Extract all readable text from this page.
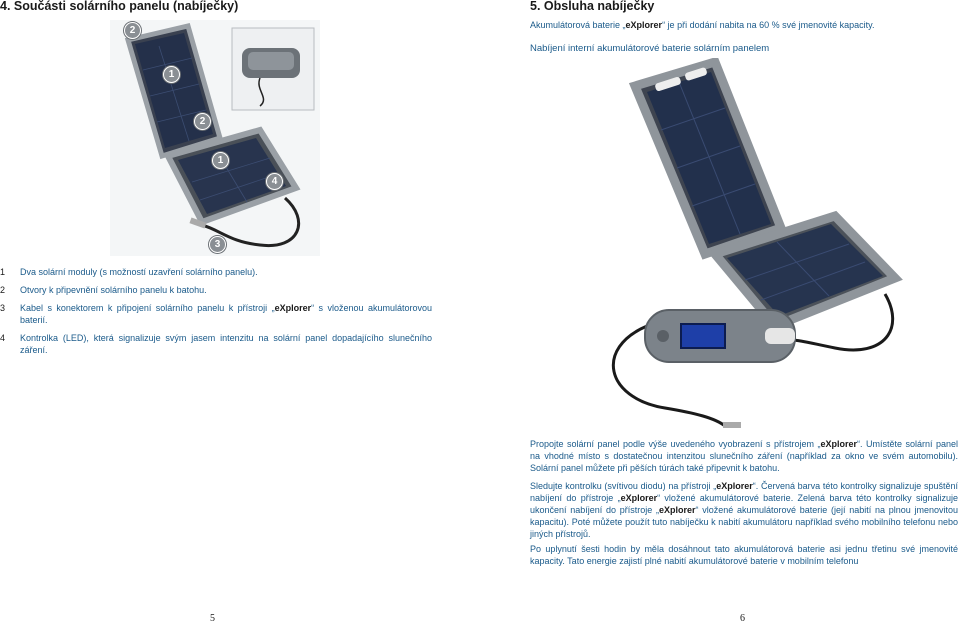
4. Součásti solárního panelu (nabíječky)
2
1
2
1
4
3
1	Dva solární moduly (s možností uzavření solárního panelu).
2	Otvory k připevnění solárního panelu k batohu.
3	Kabel s konektorem k připojení solárního panelu k přístroji „eXplorer“ s vloženou akumulátorovou baterií.
4	Kontrolka (LED), která signalizuje svým jasem intenzitu na solární panel dopadajícího slunečního záření.
5
5. Obsluha nabíječky
Akumulátorová baterie „eXplorer“ je při dodání nabita na 60 % své jmenovité kapacity.
Nabíjení interní akumulátorové baterie solárním panelem
Propojte solární panel podle výše uvedeného vyobrazení s přístrojem „eXplorer“. Umístěte solární panel na vhodné místo s dostatečnou intenzitou slunečního záření (například za okno ve svém automobilu). Solární panel můžete při pěších túrách také připevnit k batohu.
Sledujte kontrolku (svítivou diodu) na přístroji „eXplorer“. Červená barva této kontrolky signalizuje spuštění nabíjení do přístroje „eXplorer“ vložené akumulátorové baterie. Zelená barva této kontrolky signalizuje ukončení nabíjení do přístroje „eXplorer“ vložené akumulátorové baterie (její nabití na plnou jmenovitou kapacitu). Poté můžete použít tuto nabíječku k nabití akumulátoru například svého mobilního telefonu nebo jiných přístrojů.
Po uplynutí šesti hodin by měla dosáhnout tato akumulátorová baterie asi jednu třetinu své jmenovité kapacity. Tato energie zajistí plné nabití akumulátorové baterie v mobilním telefonu
6
